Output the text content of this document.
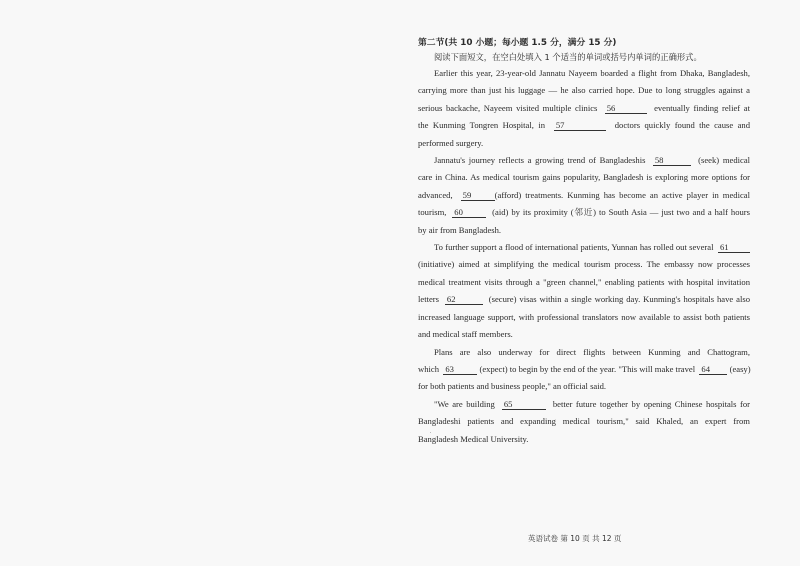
第二节(共 10 小题；每小题 1.5 分，满分 15 分)
阅读下面短文，在空白处填入 1 个适当的单词或括号内单词的正确形式。
Earlier this year, 23-year-old Jannatu Nayeem boarded a flight from Dhaka, Bangladesh,
carrying more than just his luggage — he also carried hope. Due to long struggles against a
serious backache, Nayeem visited multiple clinics 56	eventually finding relief at
the Kunming Tongren Hospital, in 57	doctors quickly found the cause and
performed surgery.
Jannatu's journey reflects a growing trend of Bangladeshis 58	(seek) medical
care in China. As medical tourism gains popularity, Bangladesh is exploring more options for
advanced, 59	(afford) treatments. Kunming has become an active player in medical
tourism, 60	(aid) by its proximity (邻近) to South Asia — just two and a half hours
by air from Bangladesh.
To further support a flood of international patients, Yunnan has rolled out several 61
(initiative) aimed at simplifying the medical tourism process. The embassy now processes
medical treatment visits through a "green channel," enabling patients with hospital invitation
letters 62	(secure) visas within a single working day. Kunming's hospitals have also
increased language support, with professional translators now available to assist both patients
and medical staff members.
Plans are also underway for direct flights between Kunming and Chattogram,
which 63	(expect) to begin by the end of the year. "This will make travel 64 (easy)
for both patients and business people," an official said.
"We are building 65	better future together by opening Chinese hospitals for
Bangladeshi patients and expanding medical tourism," said Khaled, an expert from
Bangladesh Medical University.
英语试卷 第 10 页 共 12 页
